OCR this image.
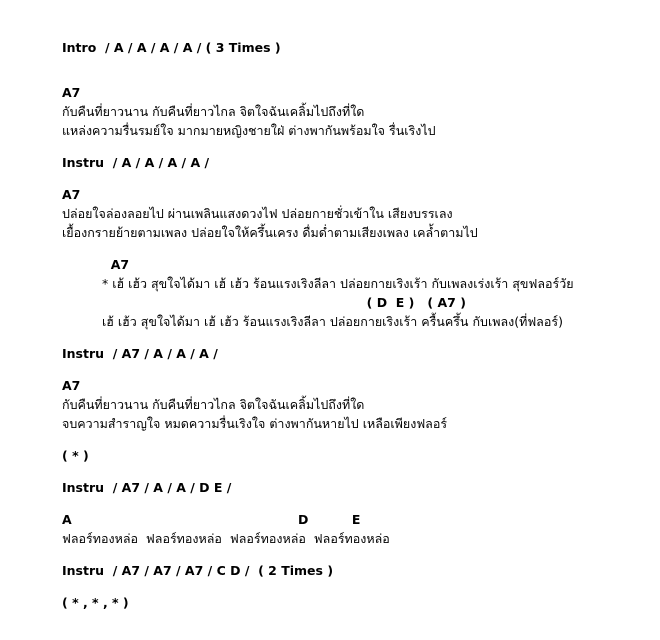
Intro  / A / A / A / A / ( 3 Times )
A7
กับคืนที่ยาวนาน กับคืนที่ยาวไกล จิตใจฉันเคลิ้มไปถึงที่ใด
แหล่งความรื่นรมย์ใจ มากมายหญิงชายใฝ่ ต่างพากันพร้อมใจ รื่นเริงไป
Instru  / A / A / A / A /
A7
ปล่อยใจล่องลอยไป ผ่านเพลินแสงดวงไฟ ปล่อยกายชั่วเข้าใน เสียงบรรเลง
เยื้องกรายย้ายตามเพลง ปล่อยใจให้ครึ้นเครง ดื่มด่ำตามเสียงเพลง เคลํ้าตามไป
A7
* เฮ้ เฮ้ว สุขใจได้มา เฮ้ เฮ้ว ร้อนแรงเริงลีลา ปล่อยกายเริงเร้า กับเพลงเร่งเร้า สุขฟลอร์วัย
( D  E )   ( A7 )
เฮ้ เฮ้ว สุขใจได้มา เฮ้ เฮ้ว ร้อนแรงเริงลีลา ปล่อยกายเริงเร้า ครื้นครึ้น กับเพลง(ที่ฟลอร์)
Instru  / A7 / A / A / A /
A7
กับคืนที่ยาวนาน กับคืนที่ยาวไกล จิตใจฉันเคลิ้มไปถึงที่ใด
จบความสำราญใจ หมดความรื่นเริงใจ ต่างพากันหายไป เหลือเพียงฟลอร์
( * )
Instru  / A7 / A / A / D E /
A                                                    D          E
ฟลอร์ทองหล่อ  ฟลอร์ทองหล่อ  ฟลอร์ทองหล่อ  ฟลอร์ทองหล่อ
Instru  / A7 / A7 / A7 / C D /  ( 2 Times )
( * , * , * )
